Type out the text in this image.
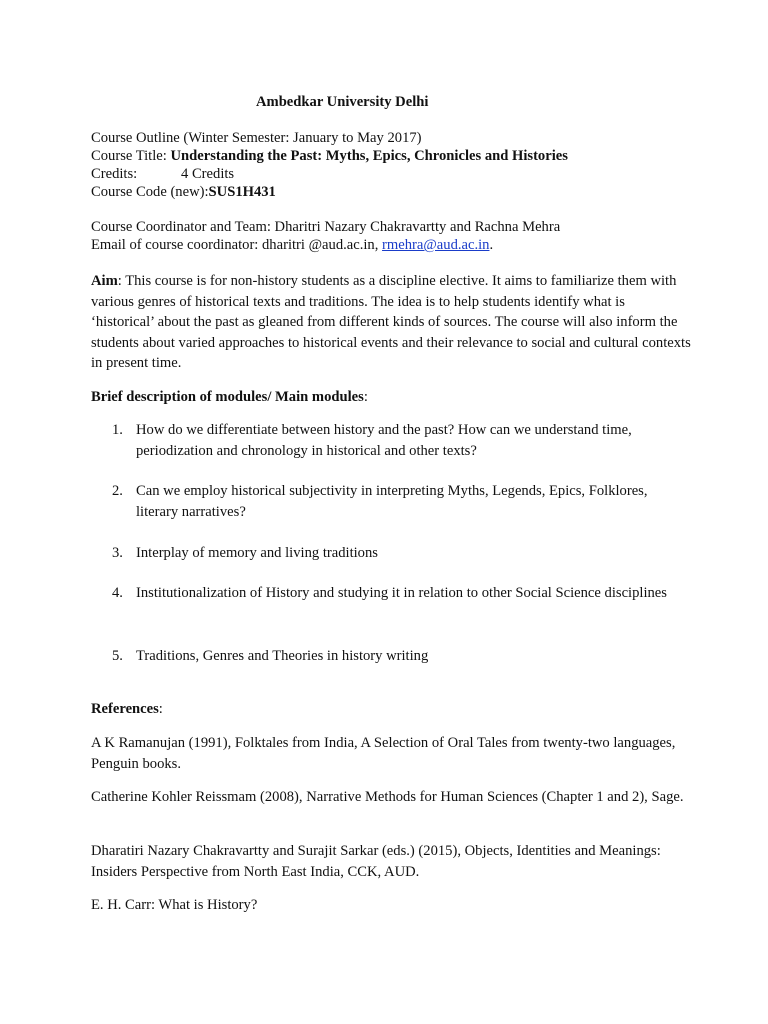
Ambedkar University Delhi
Course Outline (Winter Semester: January to May 2017)
Course Title: Understanding the Past: Myths, Epics, Chronicles and Histories
Credits:	4 Credits
Course Code (new):SUS1H431
Course Coordinator and Team: Dharitri Nazary Chakravartty and Rachna Mehra
Email of course coordinator: dharitri @aud.ac.in, rmehra@aud.ac.in.
Aim: This course is for non-history students as a discipline elective. It aims to familiarize them with various genres of historical texts and traditions. The idea is to help students identify what is ‘historical’ about the past as gleaned from different kinds of sources. The course will also inform the students about varied approaches to historical events and their relevance to social and cultural contexts in present time.
Brief description of modules/ Main modules:
1. How do we differentiate between history and the past? How can we understand time, periodization and chronology in historical and other texts?
2. Can we employ historical subjectivity in interpreting Myths, Legends, Epics, Folklores, literary narratives?
3. Interplay of memory and living traditions
4. Institutionalization of History and studying it in relation to other Social Science disciplines
5. Traditions, Genres and Theories in history writing
References:
A K Ramanujan (1991), Folktales from India, A Selection of Oral Tales from twenty-two languages, Penguin books.
Catherine Kohler Reissmam (2008), Narrative Methods for Human Sciences (Chapter 1 and 2), Sage.
Dharatiri Nazary Chakravartty and Surajit Sarkar (eds.) (2015), Objects, Identities and Meanings: Insiders Perspective from North East India, CCK, AUD.
E. H. Carr: What is History?
